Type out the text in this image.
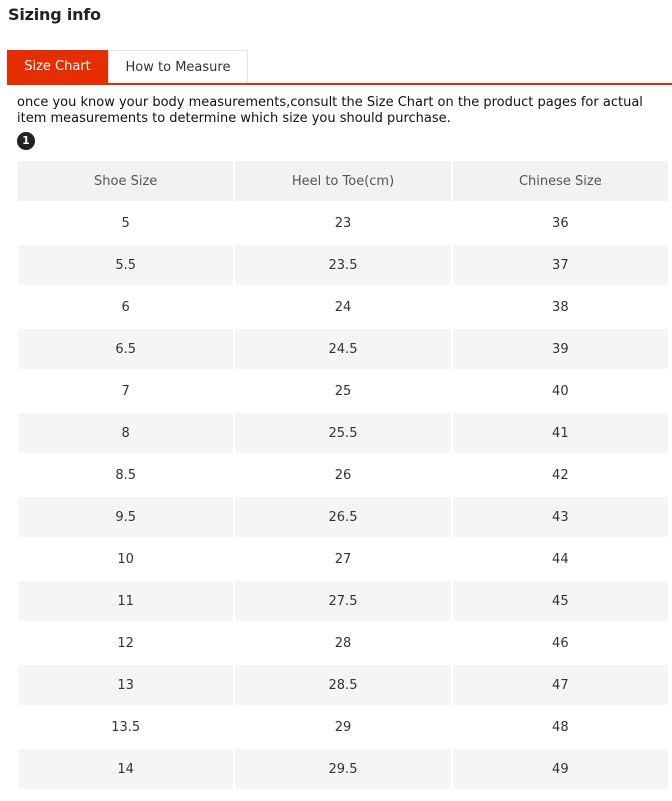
Sizing info
Size Chart	How to Measure
once you know your body measurements,consult the Size Chart on the product pages for actual item measurements to determine which size you should purchase.
1
Shoe Size	Heel to Toe(cm)	Chinese Size
5	23	36
5.5	23.5	37
6	24	38
6.5	24.5	39
7	25	40
8	25.5	41
8.5	26	42
9.5	26.5	43
10	27	44
11	27.5	45
12	28	46
13	28.5	47
13.5	29	48
14	29.5	49
